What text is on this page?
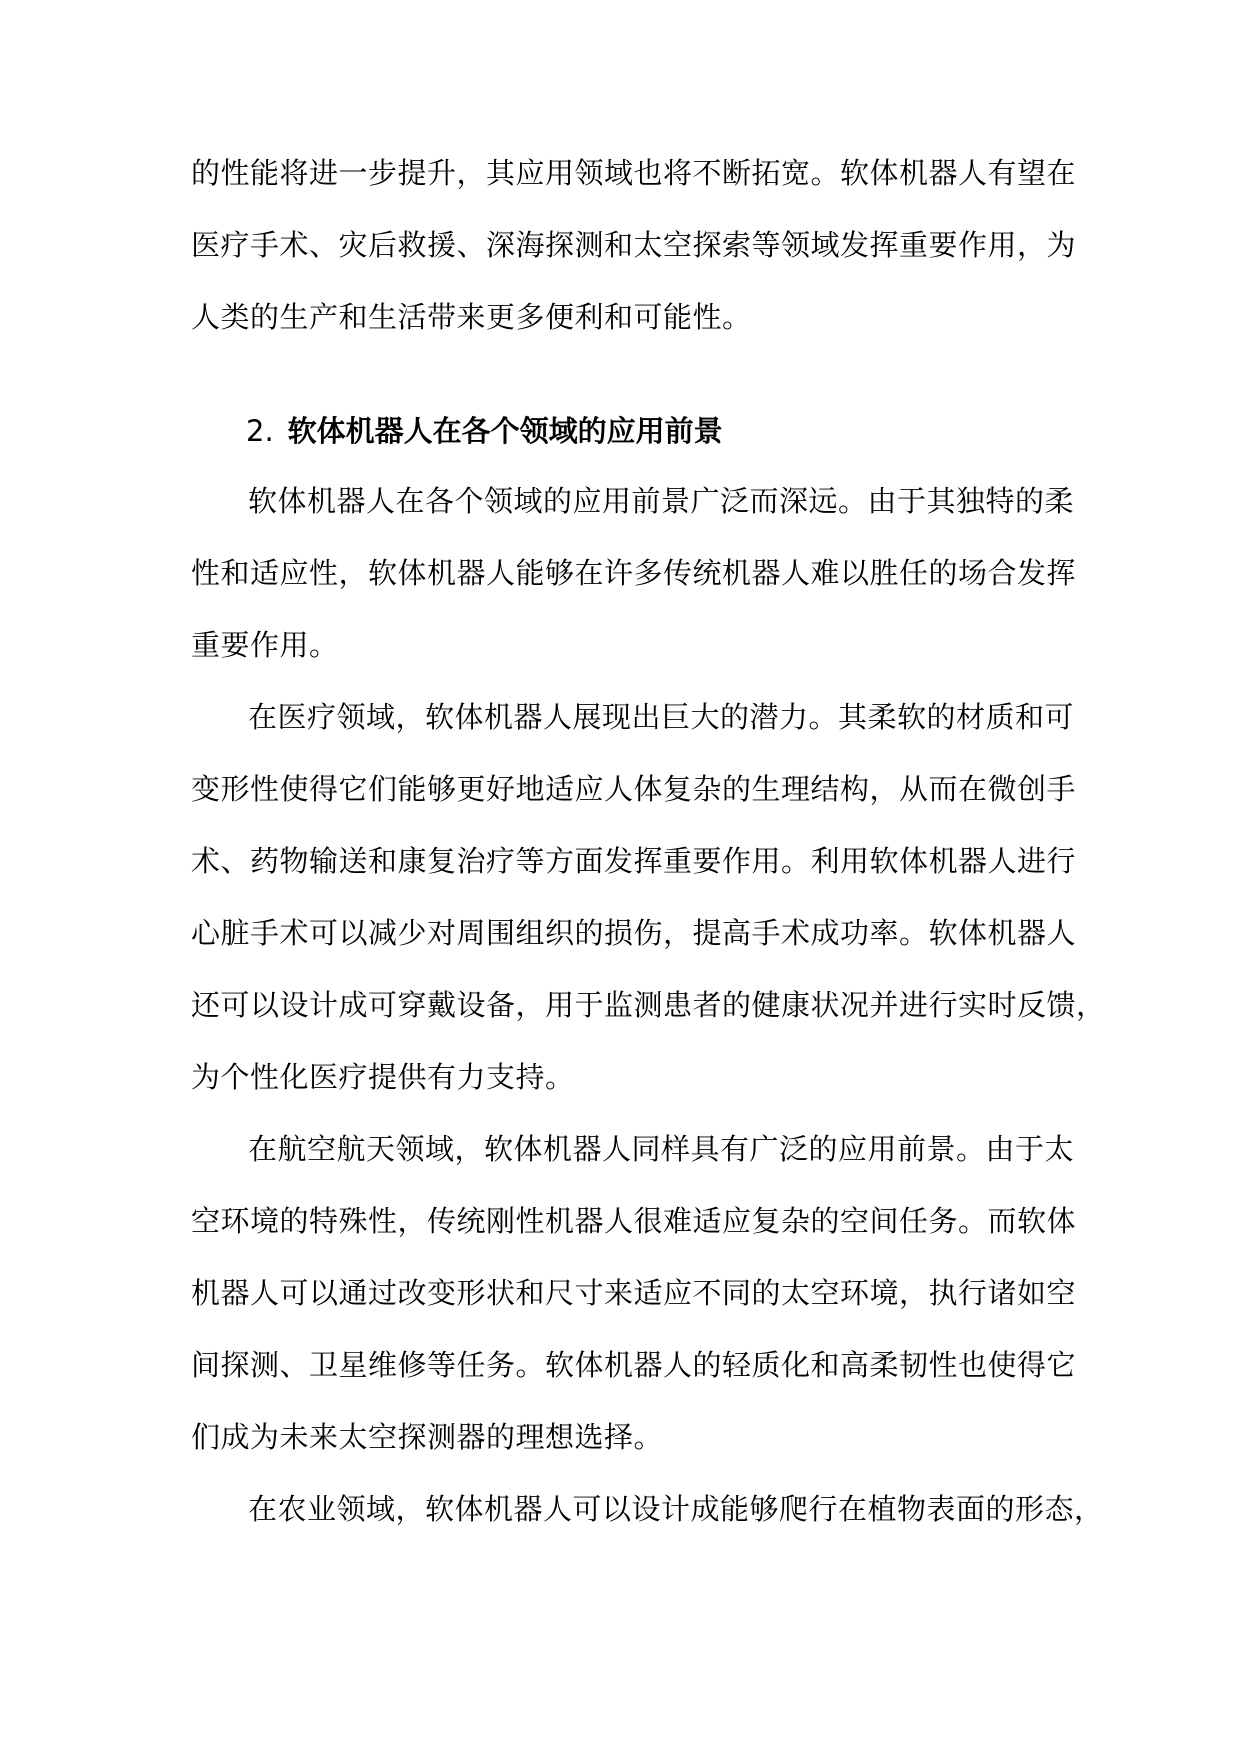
的性能将进一步提升，其应用领域也将不断拓宽。软体机器人有望在
医疗手术、灾后救援、深海探测和太空探索等领域发挥重要作用，为
人类的生产和生活带来更多便利和可能性。
2. 软体机器人在各个领域的应用前景
软体机器人在各个领域的应用前景广泛而深远。由于其独特的柔
性和适应性，软体机器人能够在许多传统机器人难以胜任的场合发挥
重要作用。
在医疗领域，软体机器人展现出巨大的潜力。其柔软的材质和可
变形性使得它们能够更好地适应人体复杂的生理结构，从而在微创手
术、药物输送和康复治疗等方面发挥重要作用。利用软体机器人进行
心脏手术可以减少对周围组织的损伤，提高手术成功率。软体机器人
还可以设计成可穿戴设备，用于监测患者的健康状况并进行实时反馈，
为个性化医疗提供有力支持。
在航空航天领域，软体机器人同样具有广泛的应用前景。由于太
空环境的特殊性，传统刚性机器人很难适应复杂的空间任务。而软体
机器人可以通过改变形状和尺寸来适应不同的太空环境，执行诸如空
间探测、卫星维修等任务。软体机器人的轻质化和高柔韧性也使得它
们成为未来太空探测器的理想选择。
在农业领域，软体机器人可以设计成能够爬行在植物表面的形态，
